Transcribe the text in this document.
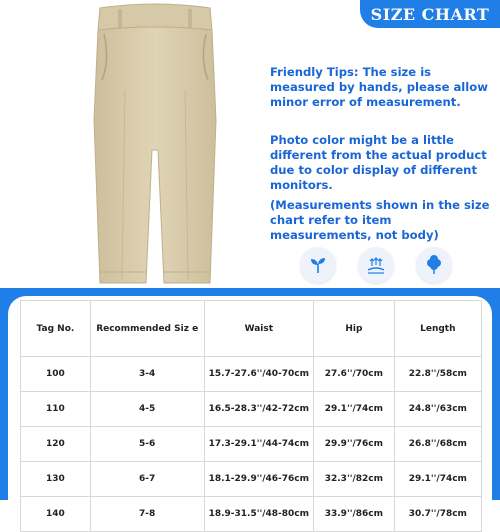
SIZE CHART
Friendly Tips: The size is measured by hands, please allow minor error of measurement.
Photo color might be a little different from the actual product due to color display of different monitors.
(Measurements shown in the size chart refer to item measurements, not body)
Tag No.	Recommended Siz e	Waist	Hip	Length
100	3-4	15.7-27.6''/40-70cm	27.6''/70cm	22.8''/58cm
110	4-5	16.5-28.3''/42-72cm	29.1''/74cm	24.8''/63cm
120	5-6	17.3-29.1''/44-74cm	29.9''/76cm	26.8''/68cm
130	6-7	18.1-29.9''/46-76cm	32.3''/82cm	29.1''/74cm
140	7-8	18.9-31.5''/48-80cm	33.9''/86cm	30.7''/78cm
